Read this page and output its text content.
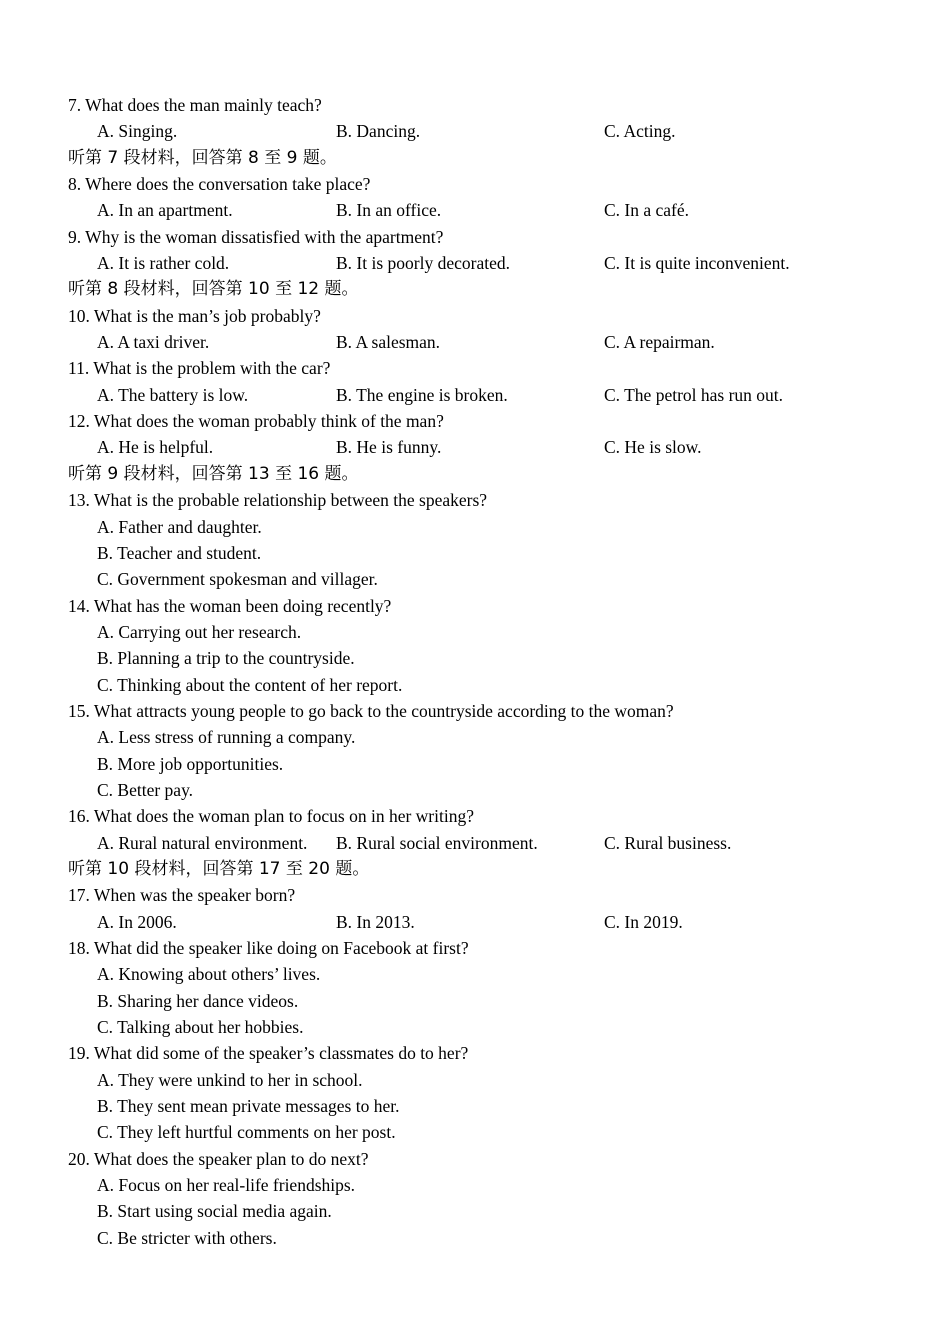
7. What does the man mainly teach?
A. Singing.	B. Dancing.	C. Acting.
听第 7 段材料，回答第 8 至 9 题。
8. Where does the conversation take place?
A. In an apartment.	B. In an office.	C. In a café.
9. Why is the woman dissatisfied with the apartment?
A. It is rather cold.	B. It is poorly decorated.	C. It is quite inconvenient.
听第 8 段材料，回答第 10 至 12 题。
10. What is the man’s job probably?
A. A taxi driver.	B. A salesman.	C. A repairman.
11. What is the problem with the car?
A. The battery is low.	B. The engine is broken.	C. The petrol has run out.
12. What does the woman probably think of the man?
A. He is helpful.	B. He is funny.	C. He is slow.
听第 9 段材料，回答第 13 至 16 题。
13. What is the probable relationship between the speakers?
A. Father and daughter.
B. Teacher and student.
C. Government spokesman and villager.
14. What has the woman been doing recently?
A. Carrying out her research.
B. Planning a trip to the countryside.
C. Thinking about the content of her report.
15. What attracts young people to go back to the countryside according to the woman?
A. Less stress of running a company.
B. More job opportunities.
C. Better pay.
16. What does the woman plan to focus on in her writing?
A. Rural natural environment. B. Rural social environment.	C. Rural business.
听第 10 段材料，回答第 17 至 20 题。
17. When was the speaker born?
A. In 2006.	B. In 2013.	C. In 2019.
18. What did the speaker like doing on Facebook at first?
A. Knowing about others’ lives.
B. Sharing her dance videos.
C. Talking about her hobbies.
19. What did some of the speaker’s classmates do to her?
A. They were unkind to her in school.
B. They sent mean private messages to her.
C. They left hurtful comments on her post.
20. What does the speaker plan to do next?
A. Focus on her real-life friendships.
B. Start using social media again.
C. Be stricter with others.
